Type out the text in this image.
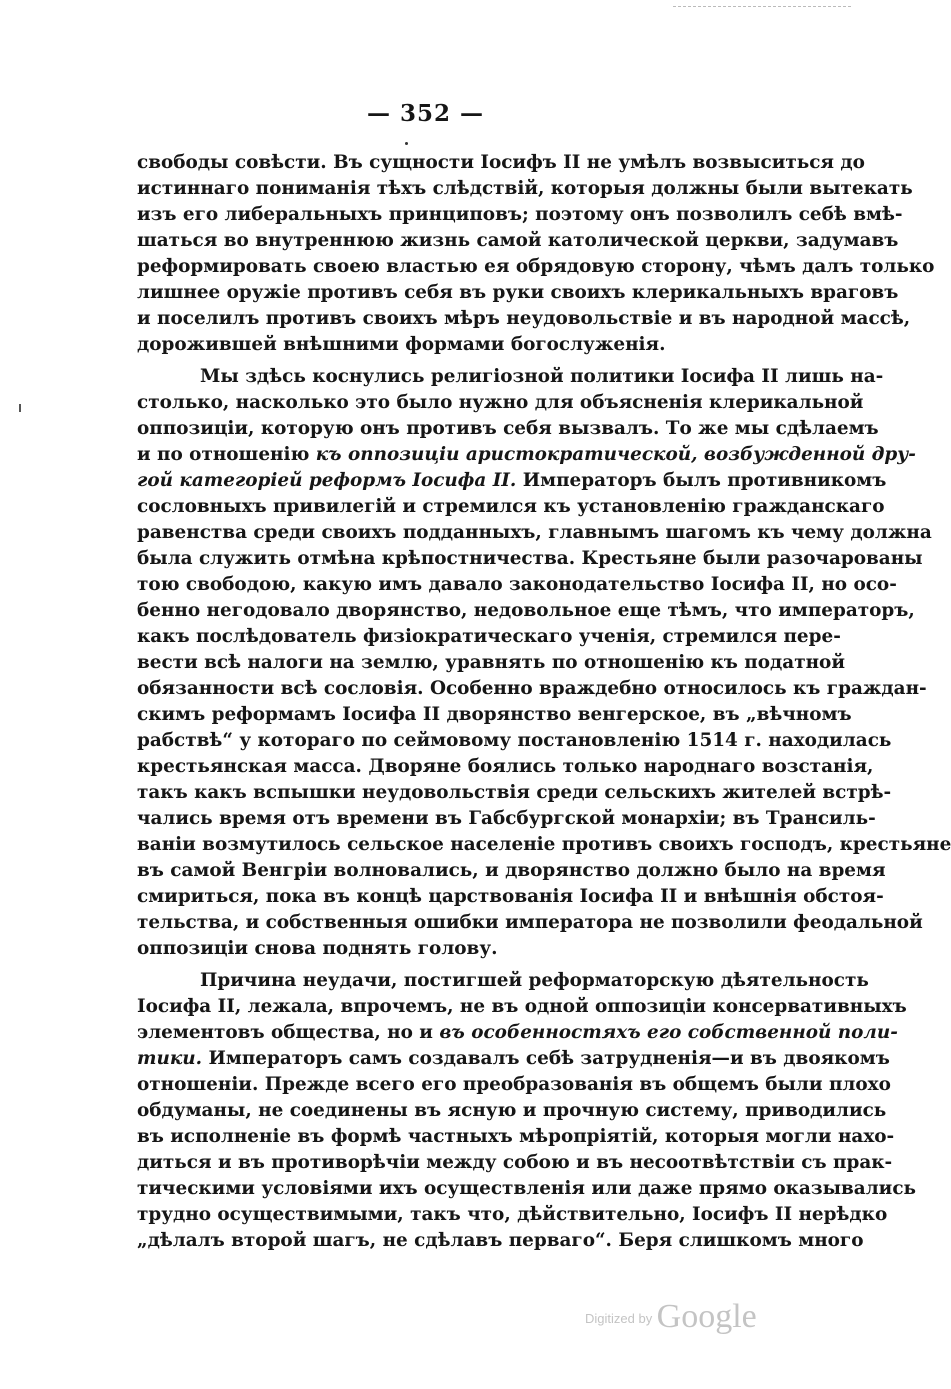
— 352 —
свободы совѣсти. Въ сущности Іосифъ II не умѣлъ возвыситься до
истиннаго пониманія тѣхъ слѣдствій, которыя должны были вытекать
изъ его либеральныхъ принциповъ; поэтому онъ позволилъ себѣ вмѣ-
шаться во внутреннюю жизнь самой католической церкви, задумавъ
реформировать своею властью ея обрядовую сторону, чѣмъ далъ только
лишнее оружіе противъ себя въ руки своихъ клерикальныхъ враговъ
и поселилъ противъ своихъ мѣръ неудовольствіе и въ народной массѣ,
дорожившей внѣшними формами богослуженія.
Мы здѣсь коснулись религіозной политики Іосифа II лишь на-
столько, насколько это было нужно для объясненія клерикальной
оппозиціи, которую онъ противъ себя вызвалъ. То же мы сдѣлаемъ
и по отношенію къ оппозиціи аристократической, возбужденной дру-
гой категоріей реформъ Іосифа II. Императоръ былъ противникомъ
сословныхъ привилегій и стремился къ установленію гражданскаго
равенства среди своихъ подданныхъ, главнымъ шагомъ къ чему должна
была служить отмѣна крѣпостничества. Крестьяне были разочарованы
тою свободою, какую имъ давало законодательство Іосифа II, но осо-
бенно негодовало дворянство, недовольное еще тѣмъ, что императоръ,
какъ послѣдователь физіократическаго ученія, стремился пере-
вести всѣ налоги на землю, уравнять по отношенію къ податной
обязанности всѣ сословія. Особенно враждебно относилось къ граждан-
скимъ реформамъ Іосифа II дворянство венгерское, въ „вѣчномъ
рабствѣ“ у котораго по сеймовому постановленію 1514 г. находилась
крестьянская масса. Дворяне боялись только народнаго возстанія,
такъ какъ вспышки неудовольствія среди сельскихъ жителей встрѣ-
чались время отъ времени въ Габсбургской монархіи; въ Трансиль-
ваніи возмутилось сельское населеніе противъ своихъ господъ, крестьяне
въ самой Венгріи волновались, и дворянство должно было на время
смириться, пока въ концѣ царствованія Іосифа II и внѣшнія обстоя-
тельства, и собственныя ошибки императора не позволили феодальной
оппозиціи снова поднять голову.
Причина неудачи, постигшей реформаторскую дѣятельность
Іосифа II, лежала, впрочемъ, не въ одной оппозиціи консервативныхъ
элементовъ общества, но и въ особенностяхъ его собственной поли-
тики. Императоръ самъ создавалъ себѣ затрудненія—и въ двоякомъ
отношеніи. Прежде всего его преобразованія въ общемъ были плохо
обдуманы, не соединены въ ясную и прочную систему, приводились
въ исполненіе въ формѣ частныхъ мѣропріятій, которыя могли нахо-
диться и въ противорѣчіи между собою и въ несоотвѣтствіи съ прак-
тическими условіями ихъ осуществленія или даже прямо оказывались
трудно осуществимыми, такъ что, дѣйствительно, Іосифъ II нерѣдко
„дѣлалъ второй шагъ, не сдѣлавъ перваго“. Беря слишкомъ много
$^{Digitized by}$ Google
